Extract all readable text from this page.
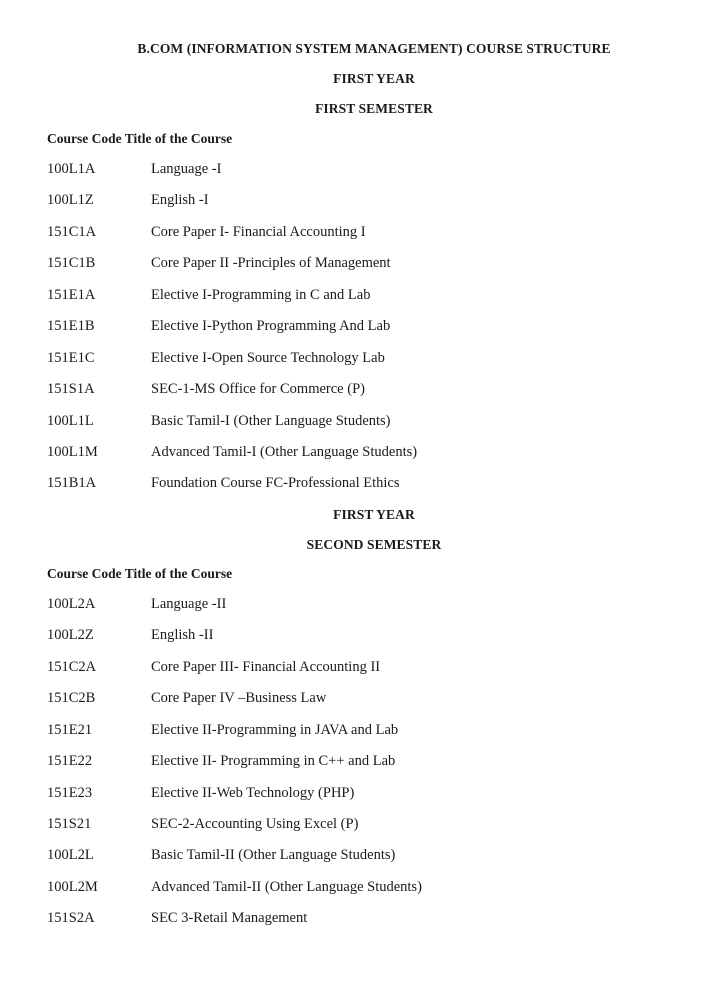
B.COM (INFORMATION SYSTEM MANAGEMENT) COURSE STRUCTURE
FIRST YEAR
FIRST SEMESTER
Course Code Title of the Course
100L1A	Language -I
100L1Z	English -I
151C1A	Core Paper I- Financial Accounting I
151C1B	Core Paper II -Principles of Management
151E1A	Elective I-Programming in C and Lab
151E1B	Elective I-Python Programming And Lab
151E1C	Elective I-Open Source Technology Lab
151S1A	SEC-1-MS Office for Commerce (P)
100L1L	Basic Tamil-I (Other Language Students)
100L1M	Advanced Tamil-I (Other Language Students)
151B1A	Foundation Course FC-Professional Ethics
FIRST YEAR
SECOND SEMESTER
Course Code Title of the Course
100L2A	Language -II
100L2Z	English -II
151C2A	Core Paper III- Financial Accounting II
151C2B	Core Paper IV –Business Law
151E21	Elective II-Programming in JAVA and Lab
151E22	Elective II- Programming in C++ and Lab
151E23	Elective II-Web Technology (PHP)
151S21	SEC-2-Accounting Using Excel (P)
100L2L	Basic Tamil-II (Other Language Students)
100L2M	Advanced Tamil-II (Other Language Students)
151S2A	SEC 3-Retail Management
